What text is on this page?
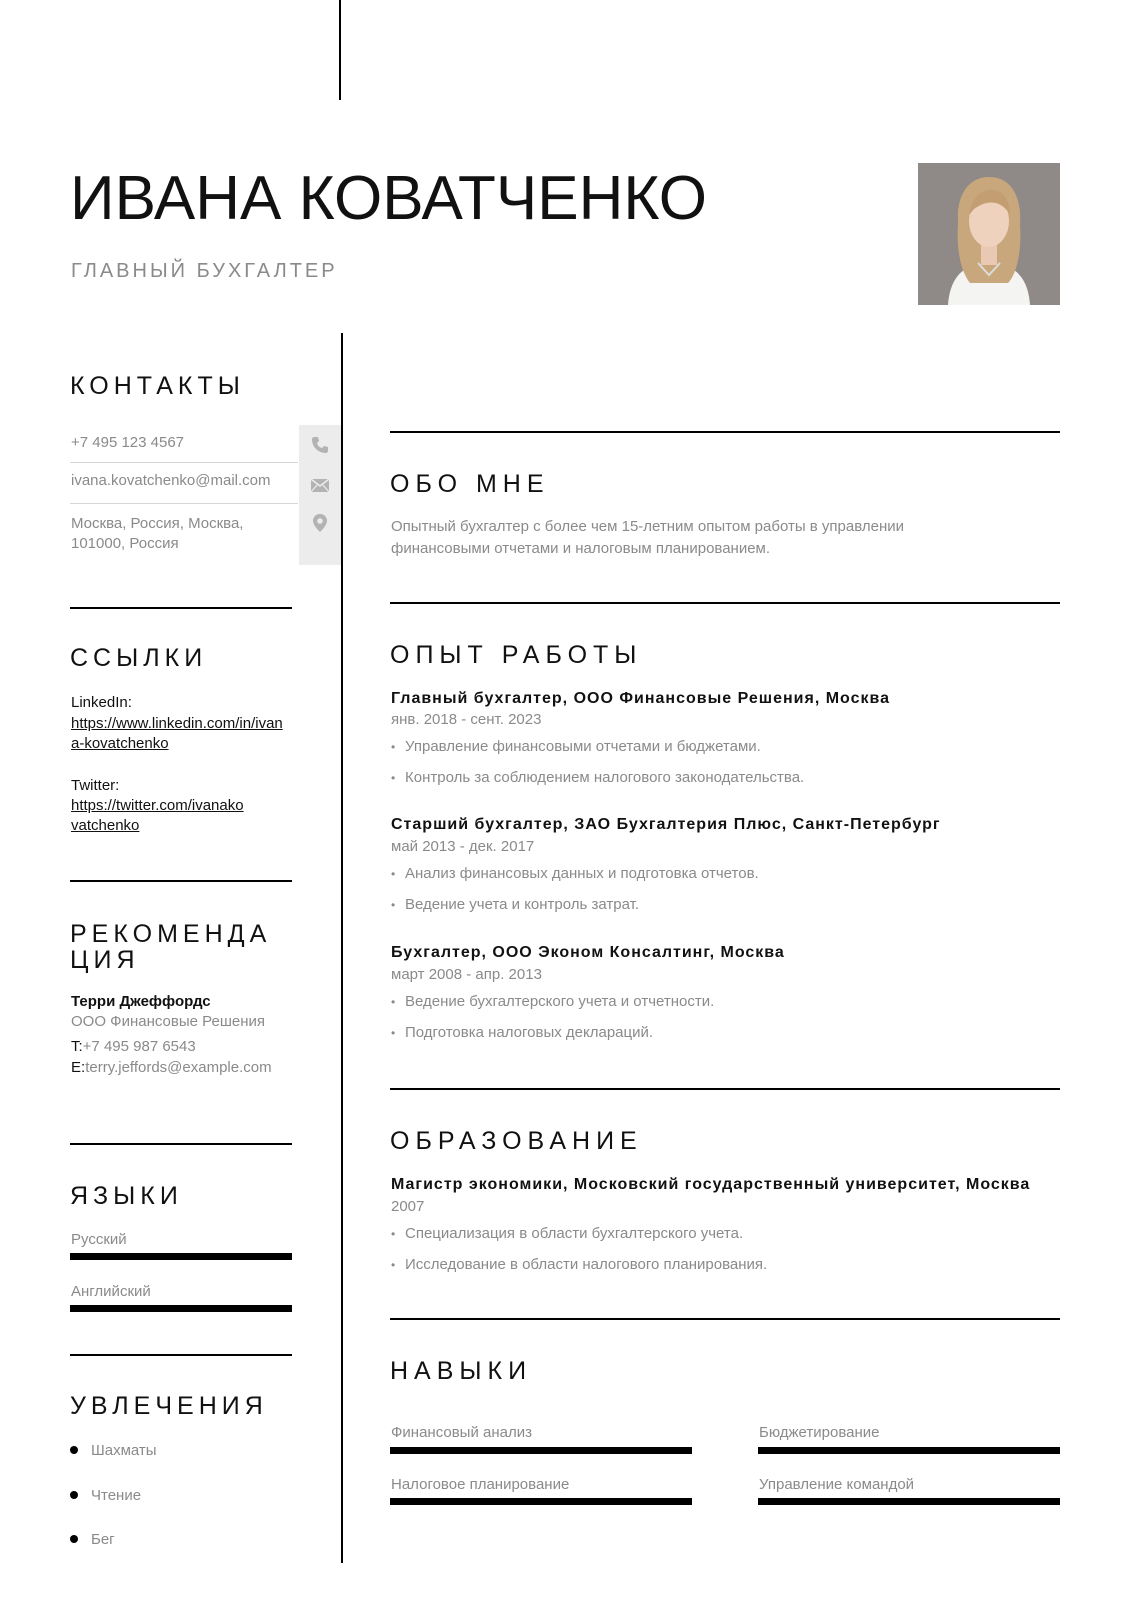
ИВАНА КОВАТЧЕНКО
ГЛАВНЫЙ БУХГАЛТЕР
КОНТАКТЫ
+7 495 123 4567
ivana.kovatchenko@mail.com
Москва, Россия, Москва, 101000, Россия
ССЫЛКИ
LinkedIn:
https://www.linkedin.com/in/ivana-kovatchenko
Twitter:
https://twitter.com/ivanakovatchenko
РЕКОМЕНДА
ЦИЯ
Терри Джеффордс
ООО Финансовые Решения
T:+7 495 987 6543
E:terry.jeffords@example.com
ЯЗЫКИ
Русский
Английский
УВЛЕЧЕНИЯ
Шахматы
Чтение
Бег
ОБО МНЕ
Опытный бухгалтер с более чем 15-летним опытом работы в управлении
финансовыми отчетами и налоговым планированием.
ОПЫТ РАБОТЫ
Главный бухгалтер, ООО Финансовые Решения, Москва
янв. 2018 - сент. 2023
• Управление финансовыми отчетами и бюджетами.
• Контроль за соблюдением налогового законодательства.
Старший бухгалтер, ЗАО Бухгалтерия Плюс, Санкт-Петербург
май 2013 - дек. 2017
• Анализ финансовых данных и подготовка отчетов.
• Ведение учета и контроль затрат.
Бухгалтер, ООО Эконом Консалтинг, Москва
март 2008 - апр. 2013
• Ведение бухгалтерского учета и отчетности.
• Подготовка налоговых деклараций.
ОБРАЗОВАНИЕ
Магистр экономики, Московский государственный университет, Москва
2007
• Специализация в области бухгалтерского учета.
• Исследование в области налогового планирования.
НАВЫКИ
Финансовый анализ	Бюджетирование
Налоговое планирование	Управление командой
